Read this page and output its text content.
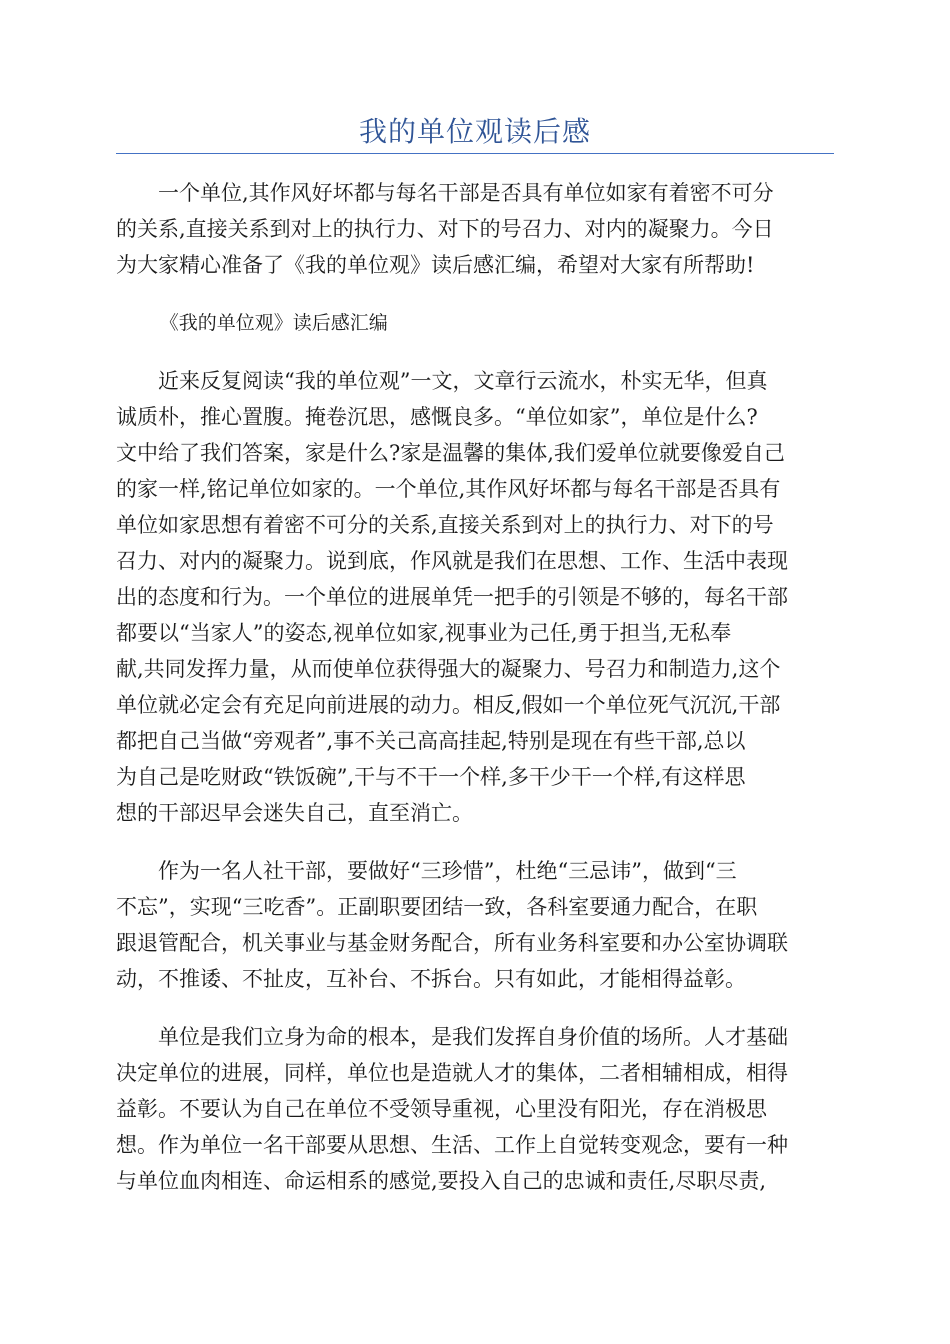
我的单位观读后感
一个单位,其作风好坏都与每名干部是否具有单位如家有着密不可分
的关系,直接关系到对上的执行力、对下的号召力、对内的凝聚力。今日
为大家精心准备了《我的单位观》读后感汇编，希望对大家有所帮助!
《我的单位观》读后感汇编
近来反复阅读“我的单位观”一文，文章行云流水，朴实无华，但真
诚质朴，推心置腹。掩卷沉思，感慨良多。“单位如家”，单位是什么?
文中给了我们答案，家是什么?家是温馨的集体,我们爱单位就要像爱自己
的家一样,铭记单位如家的。一个单位,其作风好坏都与每名干部是否具有
单位如家思想有着密不可分的关系,直接关系到对上的执行力、对下的号
召力、对内的凝聚力。说到底，作风就是我们在思想、工作、生活中表现
出的态度和行为。一个单位的进展单凭一把手的引领是不够的，每名干部
都要以“当家人”的姿态,视单位如家,视事业为己任,勇于担当,无私奉
献,共同发挥力量，从而使单位获得强大的凝聚力、号召力和制造力,这个
单位就必定会有充足向前进展的动力。相反,假如一个单位死气沉沉,干部
都把自己当做“旁观者”,事不关己高高挂起,特别是现在有些干部,总以
为自己是吃财政“铁饭碗”,干与不干一个样,多干少干一个样,有这样思
想的干部迟早会迷失自己，直至消亡。
作为一名人社干部，要做好“三珍惜”，杜绝“三忌讳”，做到“三
不忘”，实现“三吃香”。正副职要团结一致，各科室要通力配合，在职
跟退管配合，机关事业与基金财务配合，所有业务科室要和办公室协调联
动，不推诿、不扯皮，互补台、不拆台。只有如此，才能相得益彰。
单位是我们立身为命的根本，是我们发挥自身价值的场所。人才基础
决定单位的进展，同样，单位也是造就人才的集体，二者相辅相成，相得
益彰。不要认为自己在单位不受领导重视，心里没有阳光，存在消极思
想。作为单位一名干部要从思想、生活、工作上自觉转变观念，要有一种
与单位血肉相连、命运相系的感觉,要投入自己的忠诚和责任,尽职尽责,
